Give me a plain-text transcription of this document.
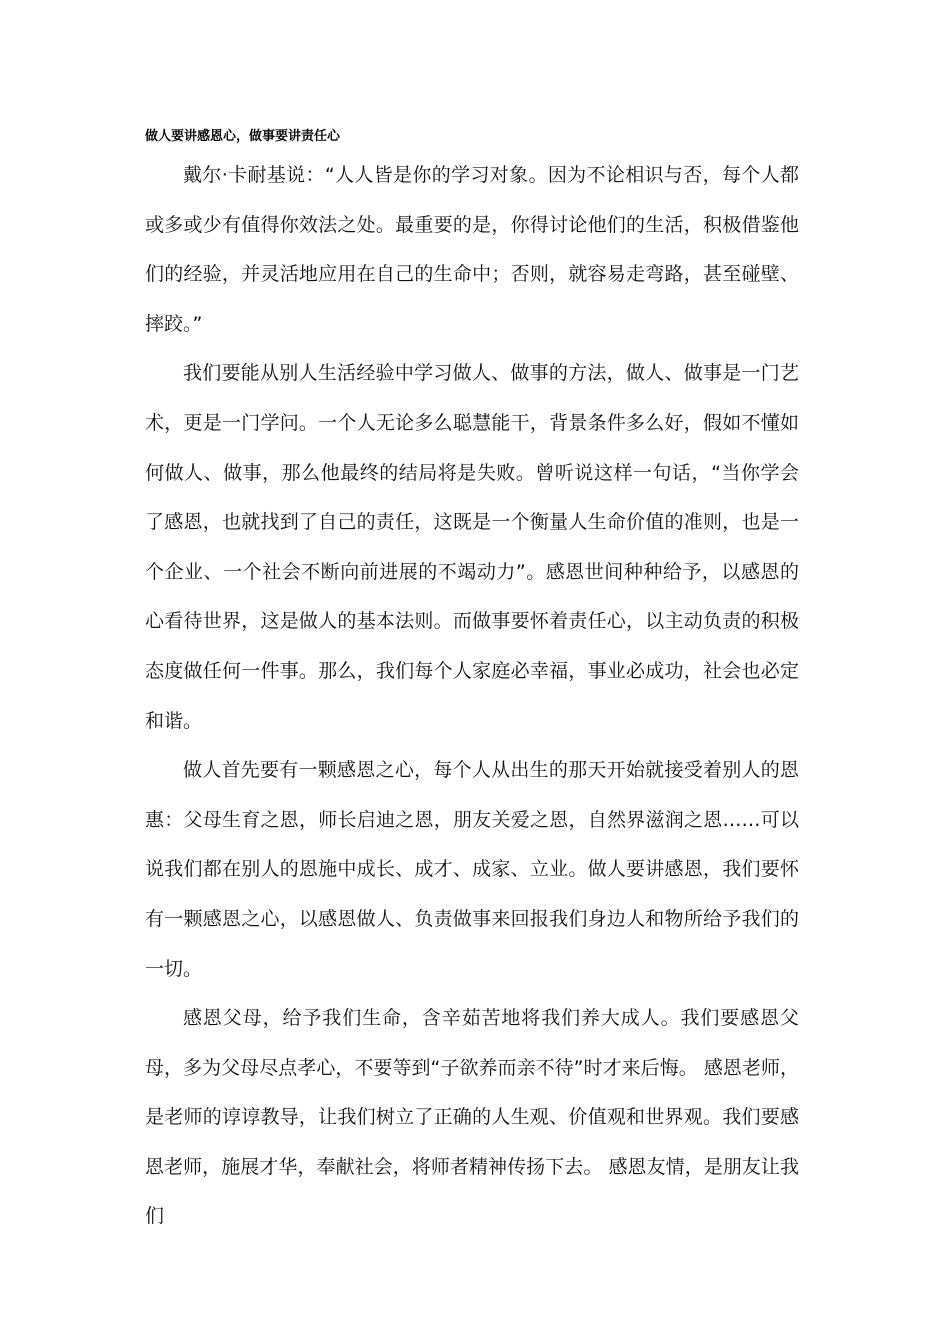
做人要讲感恩心，做事要讲责任心

戴尔·卡耐基说：“人人皆是你的学习对象。因为不论相识与否，每个人都或多或少有值得你效法之处。最重要的是，你得讨论他们的生活，积极借鉴他们的经验，并灵活地应用在自己的生命中；否则，就容易走弯路，甚至碰壁、摔跤。”

我们要能从别人生活经验中学习做人、做事的方法，做人、做事是一门艺术，更是一门学问。一个人无论多么聪慧能干，背景条件多么好，假如不懂如何做人、做事，那么他最终的结局将是失败。曾听说这样一句话，“当你学会了感恩，也就找到了自己的责任，这既是一个衡量人生命价值的准则，也是一个企业、一个社会不断向前进展的不竭动力”。感恩世间种种给予，以感恩的心看待世界，这是做人的基本法则。而做事要怀着责任心，以主动负责的积极态度做任何一件事。那么，我们每个人家庭必幸福，事业必成功，社会也必定和谐。

做人首先要有一颗感恩之心，每个人从出生的那天开始就接受着别人的恩惠：父母生育之恩，师长启迪之恩，朋友关爱之恩，自然界滋润之恩……可以说我们都在别人的恩施中成长、成才、成家、立业。做人要讲感恩，我们要怀有一颗感恩之心，以感恩做人、负责做事来回报我们身边人和物所给予我们的一切。

感恩父母，给予我们生命，含辛茹苦地将我们养大成人。我们要感恩父母，多为父母尽点孝心，不要等到“子欲养而亲不待”时才来后悔。 感恩老师，是老师的谆谆教导，让我们树立了正确的人生观、价值观和世界观。我们要感恩老师，施展才华，奉献社会，将师者精神传扬下去。 感恩友情，是朋友让我们
